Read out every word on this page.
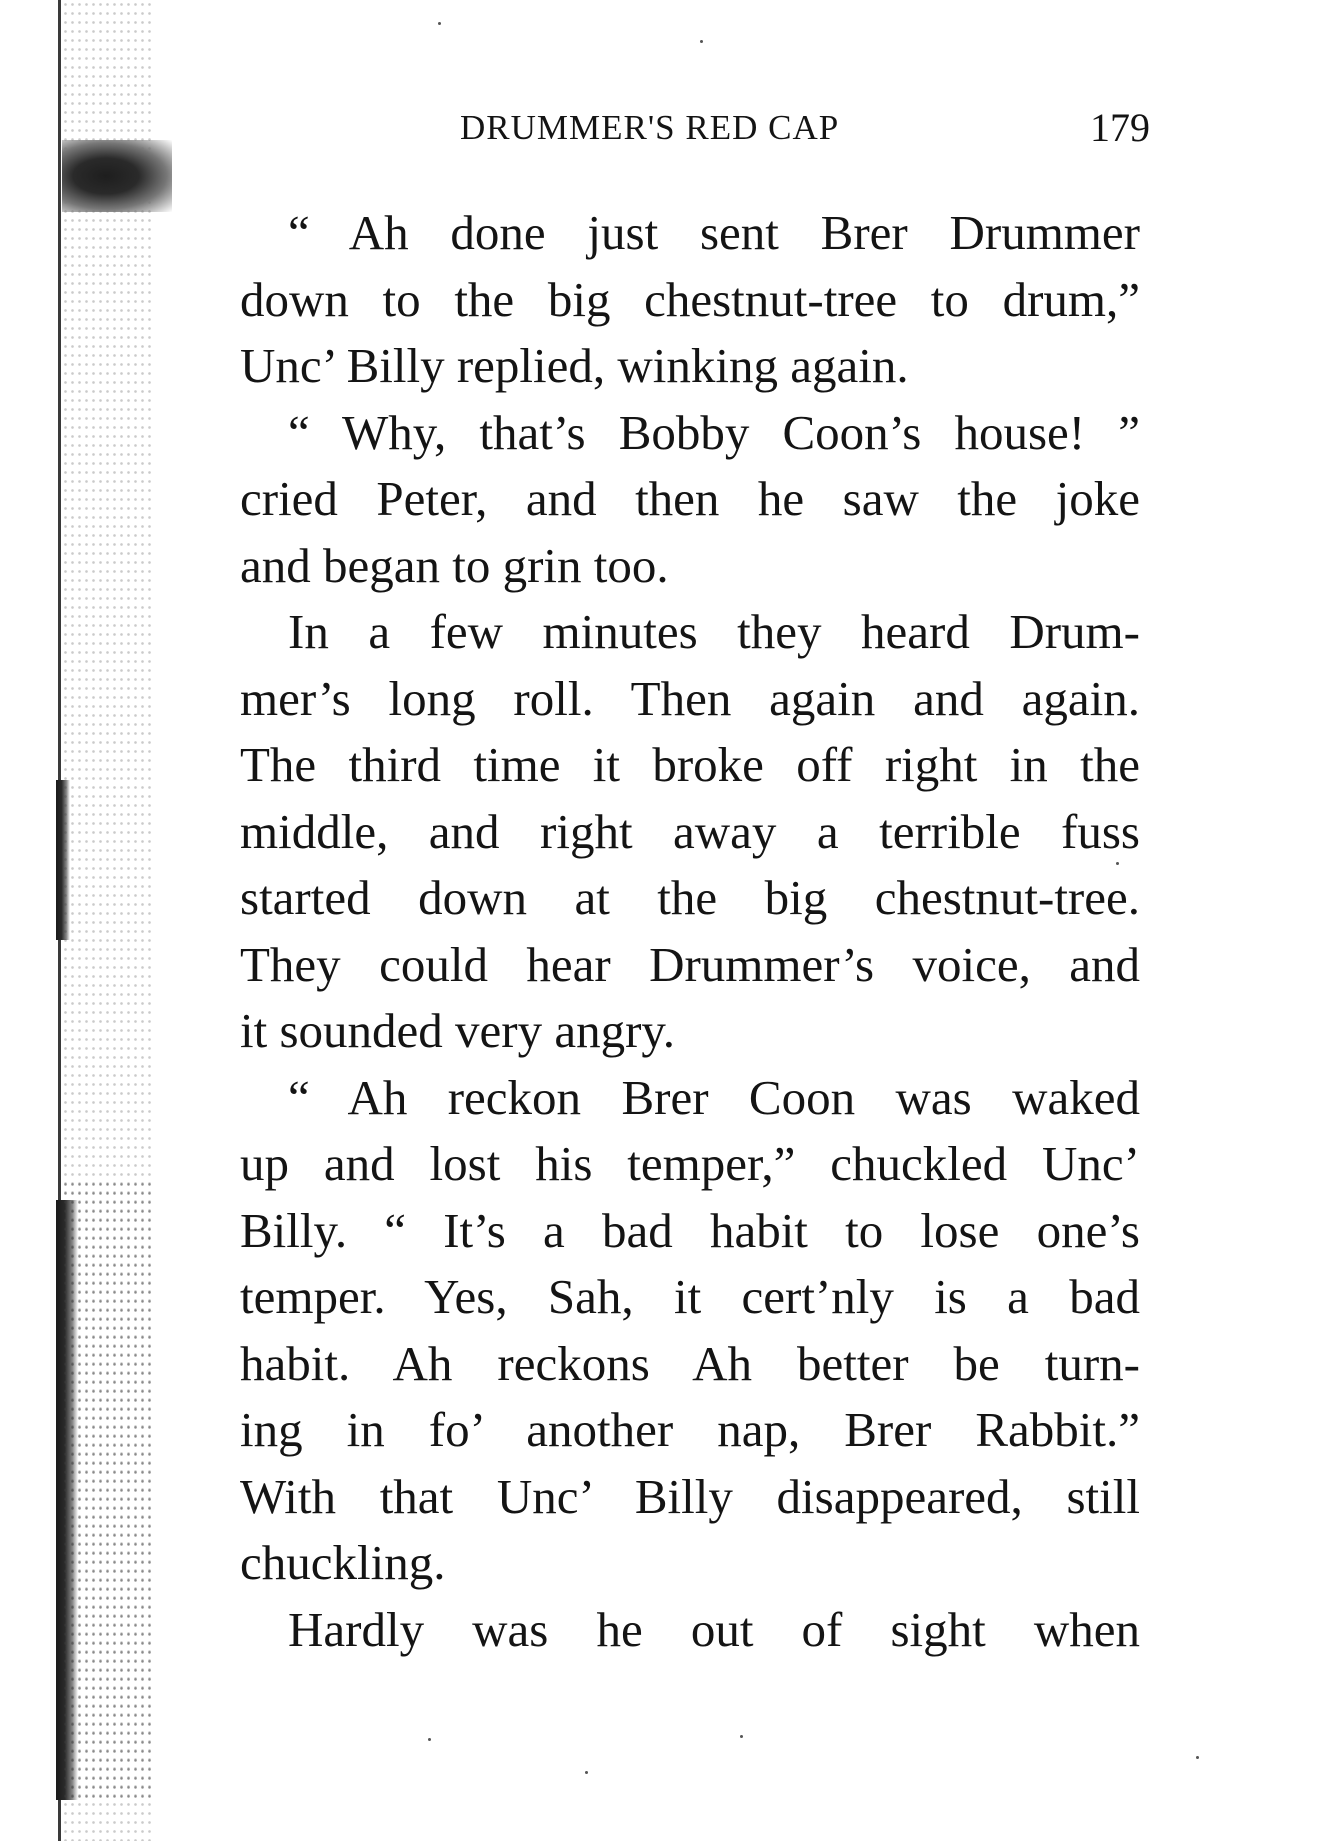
DRUMMER'S RED CAP	179
“ Ah done just sent Brer Drummer
down to the big chestnut-tree to drum,”
Unc’ Billy replied, winking again.
“ Why, that’s Bobby Coon’s house! ”
cried Peter, and then he saw the joke
and began to grin too.
In a few minutes they heard Drum-
mer’s long roll. Then again and again.
The third time it broke off right in the
middle, and right away a terrible fuss
started down at the big chestnut-tree.
They could hear Drummer’s voice, and
it sounded very angry.
“ Ah reckon Brer Coon was waked
up and lost his temper,” chuckled Unc’
Billy. “ It’s a bad habit to lose one’s
temper. Yes, Sah, it cert’nly is a bad
habit. Ah reckons Ah better be turn-
ing in fo’ another nap, Brer Rabbit.”
With that Unc’ Billy disappeared, still
chuckling.
Hardly was he out of sight when
